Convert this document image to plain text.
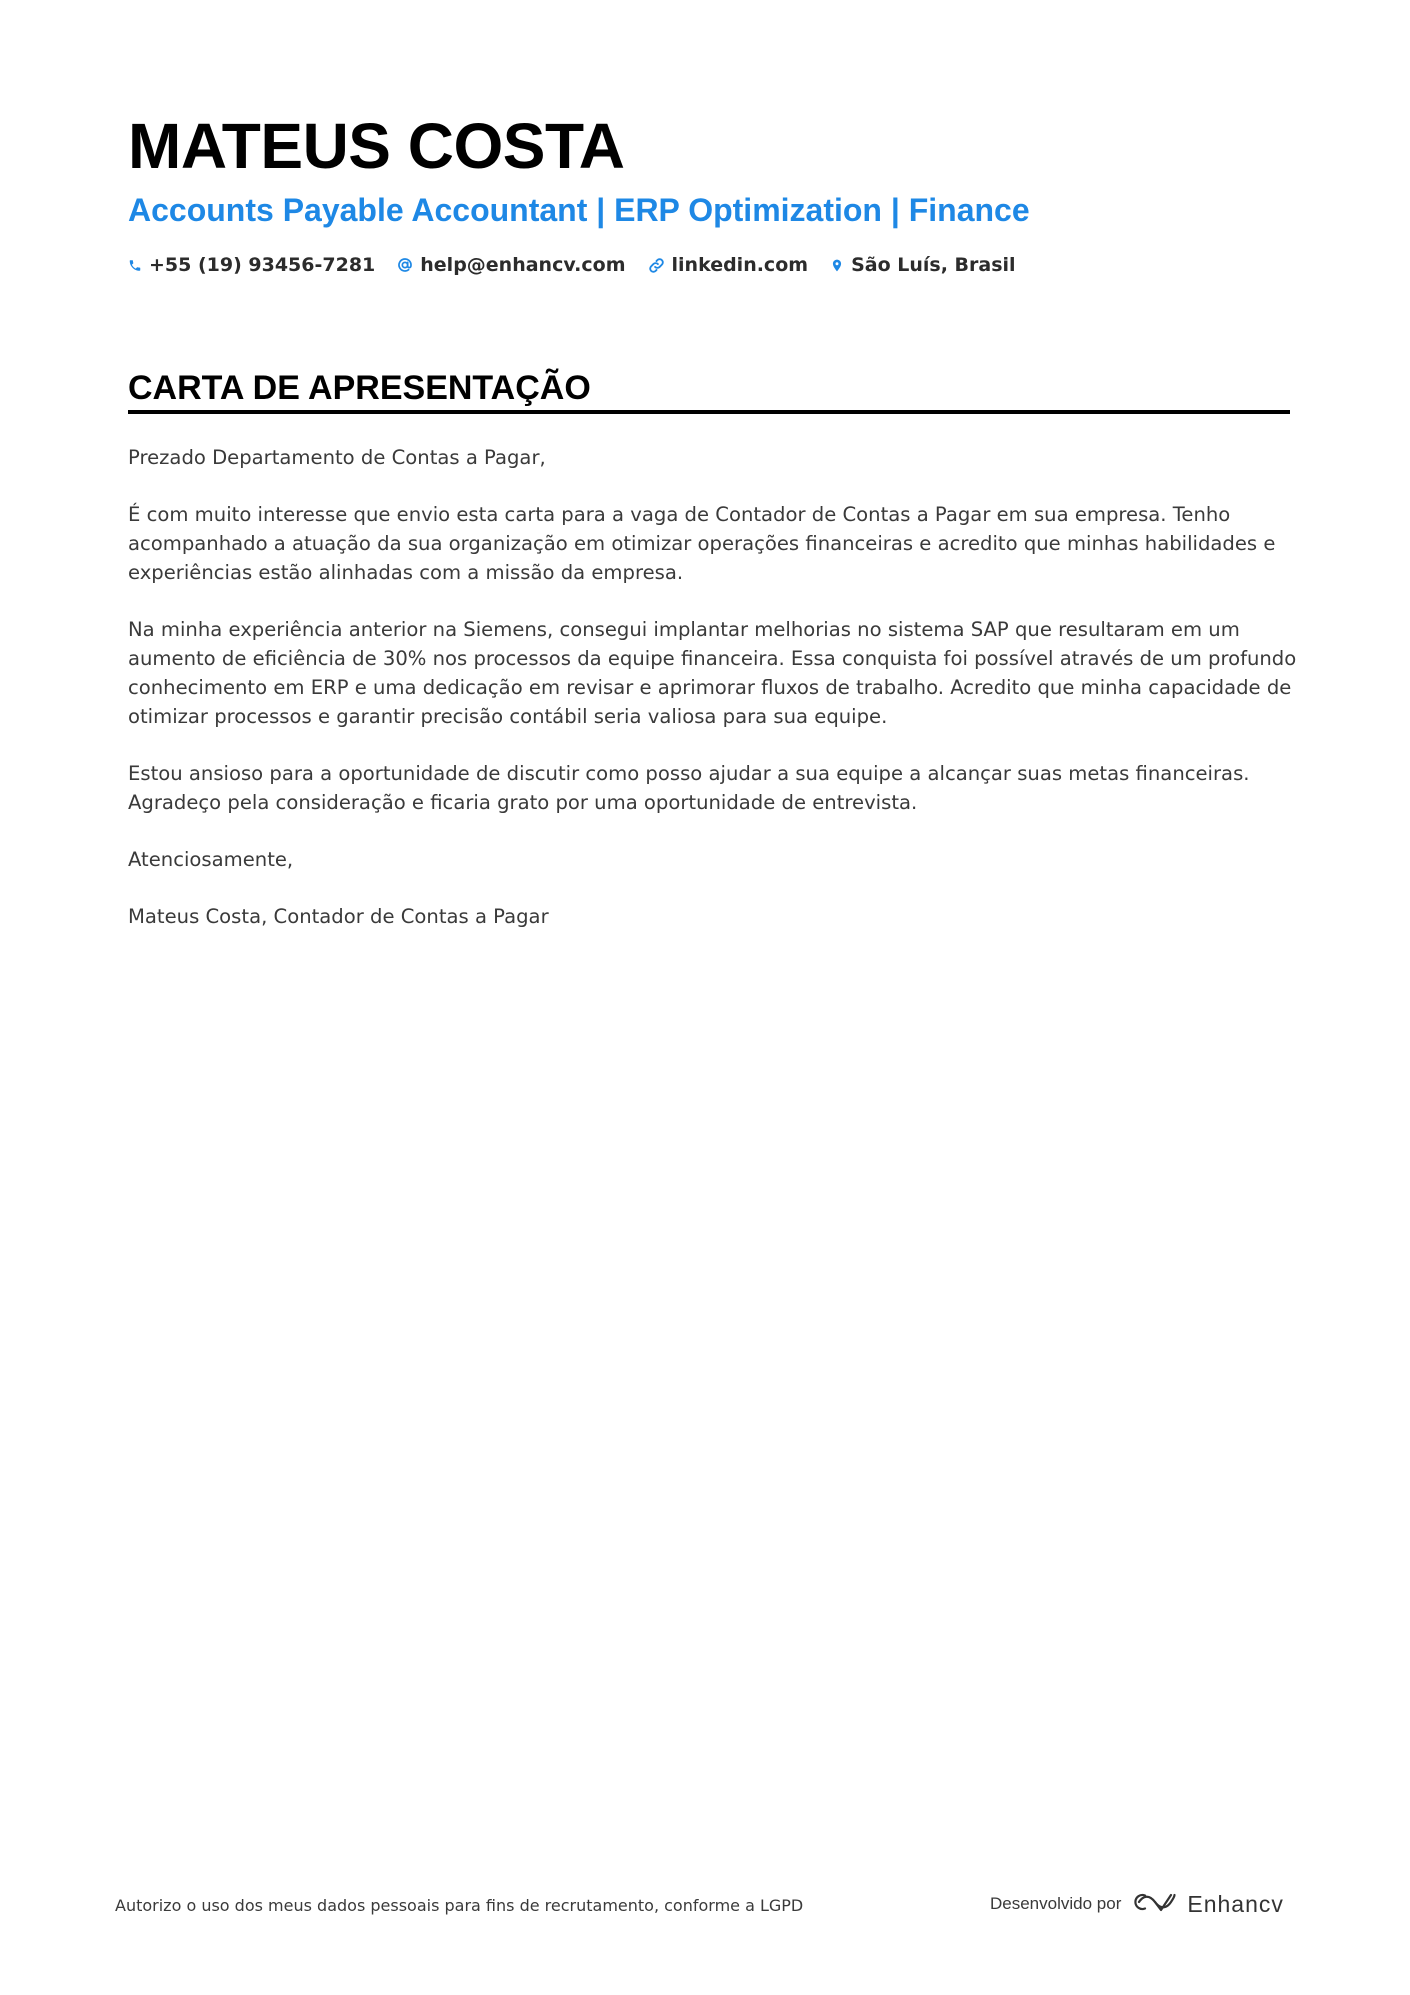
MATEUS COSTA
Accounts Payable Accountant | ERP Optimization | Finance
+55 (19) 93456-7281 help@enhancv.com linkedin.com São Luís, Brasil
CARTA DE APRESENTAÇÃO

Prezado Departamento de Contas a Pagar,

É com muito interesse que envio esta carta para a vaga de Contador de Contas a Pagar em sua empresa. Tenho acompanhado a atuação da sua organização em otimizar operações financeiras e acredito que minhas habilidades e experiências estão alinhadas com a missão da empresa.

Na minha experiência anterior na Siemens, consegui implantar melhorias no sistema SAP que resultaram em um aumento de eficiência de 30% nos processos da equipe financeira. Essa conquista foi possível através de um profundo conhecimento em ERP e uma dedicação em revisar e aprimorar fluxos de trabalho. Acredito que minha capacidade de otimizar processos e garantir precisão contábil seria valiosa para sua equipe.

Estou ansioso para a oportunidade de discutir como posso ajudar a sua equipe a alcançar suas metas financeiras. Agradeço pela consideração e ficaria grato por uma oportunidade de entrevista.

Atenciosamente,

Mateus Costa, Contador de Contas a Pagar

Autorizo o uso dos meus dados pessoais para fins de recrutamento, conforme a LGPD	Desenvolvido por	Enhancv
